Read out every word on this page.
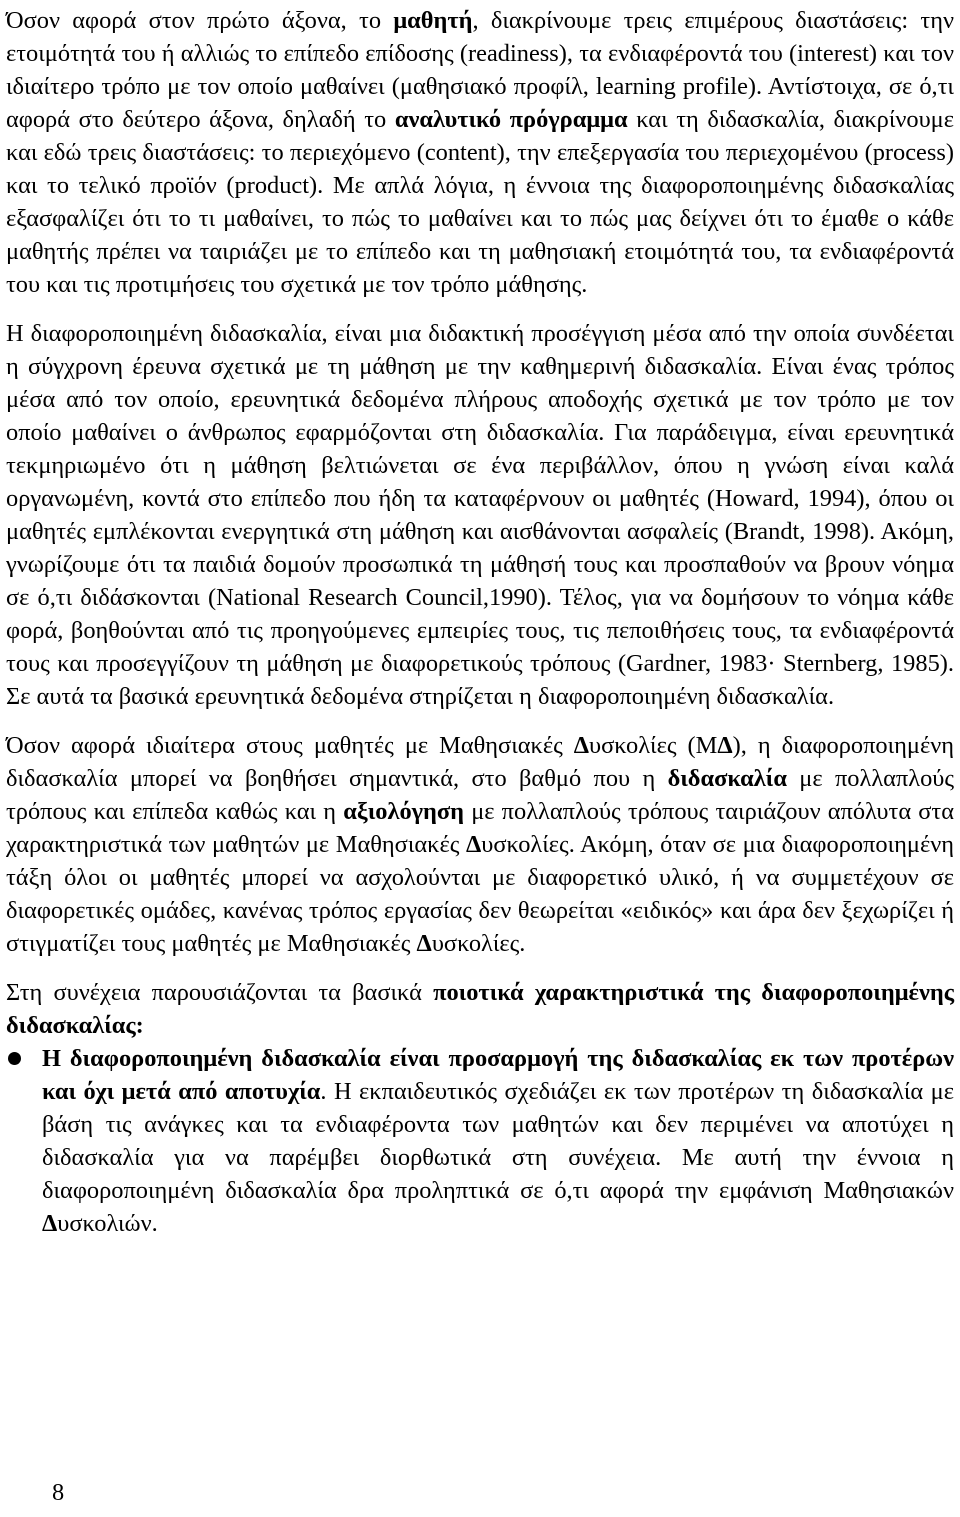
Όσον αφορά στον πρώτο άξονα, το μαθητή, διακρίνουμε τρεις επιμέρους διαστάσεις: την ετοιμότητά του ή αλλιώς το επίπεδο επίδοσης (readiness), τα ενδιαφέροντά του (interest) και τον ιδιαίτερο τρόπο με τον οποίο μαθαίνει (μαθησιακό προφίλ, learning profile). Αντίστοιχα, σε ό,τι αφορά στο δεύτερο άξονα, δηλαδή το αναλυτικό πρόγραμμα και τη διδασκαλία, διακρίνουμε και εδώ τρεις διαστάσεις: το περιεχόμενο (content), την επεξεργασία του περιεχομένου (process) και το τελικό προϊόν (product). Με απλά λόγια, η έννοια της διαφοροποιημένης διδασκαλίας εξασφαλίζει ότι το τι μαθαίνει, το πώς το μαθαίνει και το πώς μας δείχνει ότι το έμαθε ο κάθε μαθητής πρέπει να ταιριάζει με το επίπεδο και τη μαθησιακή ετοιμότητά του, τα ενδιαφέροντά του και τις προτιμήσεις του σχετικά με τον τρόπο μάθησης.

Η διαφοροποιημένη διδασκαλία, είναι μια διδακτική προσέγγιση μέσα από την οποία συνδέεται η σύγχρονη έρευνα σχετικά με τη μάθηση με την καθημερινή διδασκαλία. Είναι ένας τρόπος μέσα από τον οποίο, ερευνητικά δεδομένα πλήρους αποδοχής σχετικά με τον τρόπο με τον οποίο μαθαίνει ο άνθρωπος εφαρμόζονται στη διδασκαλία. Για παράδειγμα, είναι ερευνητικά τεκμηριωμένο ότι η μάθηση βελτιώνεται σε ένα περιβάλλον, όπου η γνώση είναι καλά οργανωμένη, κοντά στο επίπεδο που ήδη τα καταφέρνουν οι μαθητές (Howard, 1994), όπου οι μαθητές εμπλέκονται ενεργητικά στη μάθηση και αισθάνονται ασφαλείς (Brandt, 1998). Ακόμη, γνωρίζουμε ότι τα παιδιά δομούν προσωπικά τη μάθησή τους και προσπαθούν να βρουν νόημα σε ό,τι διδάσκονται (National Research Council,1990). Τέλος, για να δομήσουν το νόημα κάθε φορά, βοηθούνται από τις προηγούμενες εμπειρίες τους, τις πεποιθήσεις τους, τα ενδιαφέροντά τους και προσεγγίζουν τη μάθηση με διαφορετικούς τρόπους (Gardner, 1983· Sternberg, 1985). Σε αυτά τα βασικά ερευνητικά δεδομένα στηρίζεται η διαφοροποιημένη διδασκαλία.

Όσον αφορά ιδιαίτερα στους μαθητές με Μαθησιακές Δυσκολίες (ΜΔ), η διαφοροποιημένη διδασκαλία μπορεί να βοηθήσει σημαντικά, στο βαθμό που η διδασκαλία με πολλαπλούς τρόπους και επίπεδα καθώς και η αξιολόγηση με πολλαπλούς τρόπους ταιριάζουν απόλυτα στα χαρακτηριστικά των μαθητών με Μαθησιακές Δυσκολίες. Ακόμη, όταν σε μια διαφοροποιημένη τάξη όλοι οι μαθητές μπορεί να ασχολούνται με διαφορετικό υλικό, ή να συμμετέχουν σε διαφορετικές ομάδες, κανένας τρόπος εργασίας δεν θεωρείται «ειδικός» και άρα δεν ξεχωρίζει ή στιγματίζει τους μαθητές με Μαθησιακές Δυσκολίες.

Στη συνέχεια παρουσιάζονται τα βασικά ποιοτικά χαρακτηριστικά της διαφοροποιημένης διδασκαλίας:

Η διαφοροποιημένη διδασκαλία είναι προσαρμογή της διδασκαλίας εκ των προτέρων και όχι μετά από αποτυχία. Η εκπαιδευτικός σχεδιάζει εκ των προτέρων τη διδασκαλία με βάση τις ανάγκες και τα ενδιαφέροντα των μαθητών και δεν περιμένει να αποτύχει η διδασκαλία για να παρέμβει διορθωτικά στη συνέχεια. Με αυτή την έννοια η διαφοροποιημένη διδασκαλία δρα προληπτικά σε ό,τι αφορά την εμφάνιση Μαθησιακών Δυσκολιών.
8
